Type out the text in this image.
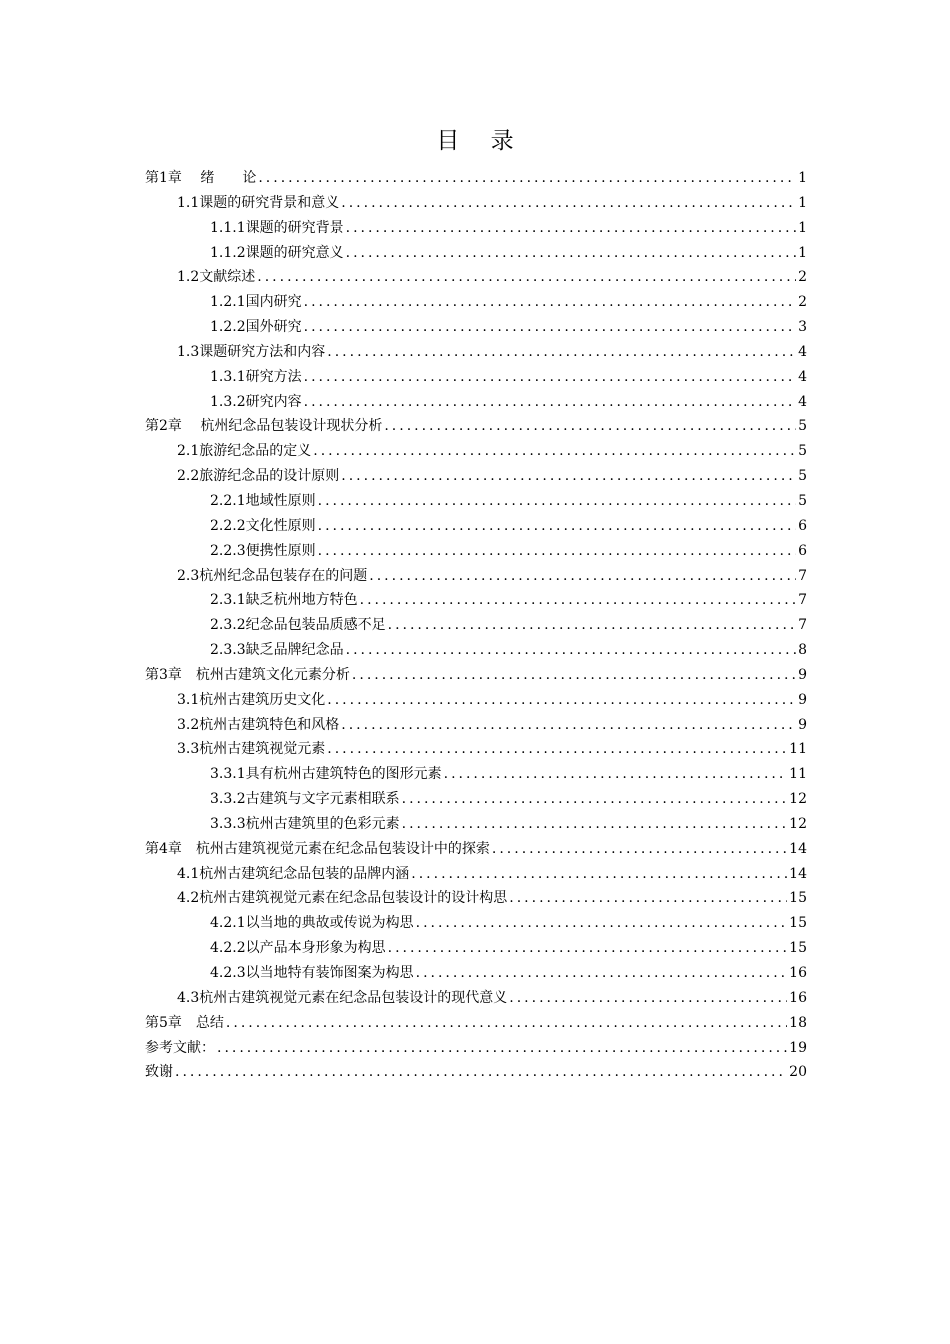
目 录
第1章　 绪　　论 .....	1
1.1课题的研究背景和意义 .....	1
1.1.1课题的研究背景 .....	1
1.1.2课题的研究意义 .....	1
1.2文献综述 .....	2
1.2.1国内研究 .....	2
1.2.2国外研究 .....	3
1.3课题研究方法和内容 .....	4
1.3.1研究方法 .....	4
1.3.2研究内容 .....	4
第2章　 杭州纪念品包装设计现状分析 .....	5
2.1旅游纪念品的定义 .....	5
2.2旅游纪念品的设计原则 .....	5
2.2.1地域性原则 .....	5
2.2.2文化性原则 .....	6
2.2.3便携性原则 .....	6
2.3杭州纪念品包装存在的问题 .....	7
2.3.1缺乏杭州地方特色 .....	7
2.3.2纪念品包装品质感不足 .....	7
2.3.3缺乏品牌纪念品 .....	8
第3章　杭州古建筑文化元素分析 .....	9
3.1杭州古建筑历史文化 .....	9
3.2杭州古建筑特色和风格 .....	9
3.3杭州古建筑视觉元素 .....	11
3.3.1具有杭州古建筑特色的图形元素 .....	11
3.3.2古建筑与文字元素相联系 .....	12
3.3.3杭州古建筑里的色彩元素 .....	12
第4章　杭州古建筑视觉元素在纪念品包装设计中的探索 .....	14
4.1杭州古建筑纪念品包装的品牌内涵 .....	14
4.2杭州古建筑视觉元素在纪念品包装设计的设计构思 .....	15
4.2.1以当地的典故或传说为构思 .....	15
4.2.2以产品本身形象为构思 .....	15
4.2.3以当地特有装饰图案为构思 .....	16
4.3杭州古建筑视觉元素在纪念品包装设计的现代意义 .....	16
第5章　总结 .....	18
参考文献： .....	19
致谢 .....	20
